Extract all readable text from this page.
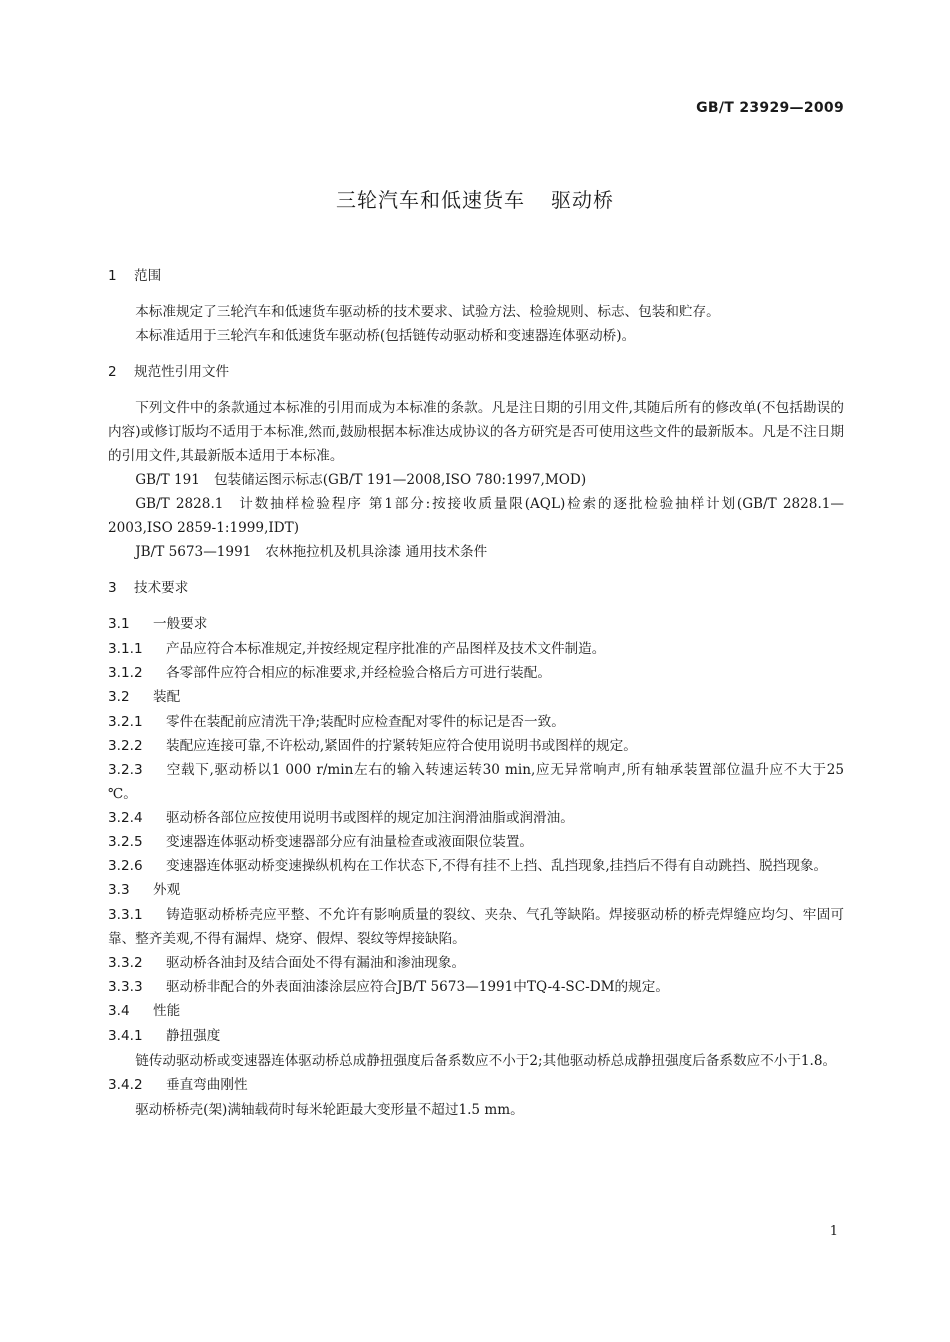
GB/T 23929—2009
三轮汽车和低速货车 驱动桥
1 范围
本标准规定了三轮汽车和低速货车驱动桥的技术要求、试验方法、检验规则、标志、包装和贮存。
本标准适用于三轮汽车和低速货车驱动桥(包括链传动驱动桥和变速器连体驱动桥)。
2 规范性引用文件
下列文件中的条款通过本标准的引用而成为本标准的条款。凡是注日期的引用文件,其随后所有的修改单(不包括勘误的内容)或修订版均不适用于本标准,然而,鼓励根据本标准达成协议的各方研究是否可使用这些文件的最新版本。凡是不注日期的引用文件,其最新版本适用于本标准。
GB/T 191 包装储运图示标志(GB/T 191—2008,ISO 780:1997,MOD)
GB/T 2828.1 计数抽样检验程序 第1部分:按接收质量限(AQL)检索的逐批检验抽样计划(GB/T 2828.1—2003,ISO 2859-1:1999,IDT)
JB/T 5673—1991 农林拖拉机及机具涂漆 通用技术条件
3 技术要求
3.1 一般要求
3.1.1 产品应符合本标准规定,并按经规定程序批准的产品图样及技术文件制造。
3.1.2 各零部件应符合相应的标准要求,并经检验合格后方可进行装配。
3.2 装配
3.2.1 零件在装配前应清洗干净;装配时应检查配对零件的标记是否一致。
3.2.2 装配应连接可靠,不许松动,紧固件的拧紧转矩应符合使用说明书或图样的规定。
3.2.3 空载下,驱动桥以1 000 r/min左右的输入转速运转30 min,应无异常响声,所有轴承装置部位温升应不大于25 ℃。
3.2.4 驱动桥各部位应按使用说明书或图样的规定加注润滑油脂或润滑油。
3.2.5 变速器连体驱动桥变速器部分应有油量检查或液面限位装置。
3.2.6 变速器连体驱动桥变速操纵机构在工作状态下,不得有挂不上挡、乱挡现象,挂挡后不得有自动跳挡、脱挡现象。
3.3 外观
3.3.1 铸造驱动桥桥壳应平整、不允许有影响质量的裂纹、夹杂、气孔等缺陷。焊接驱动桥的桥壳焊缝应均匀、牢固可靠、整齐美观,不得有漏焊、烧穿、假焊、裂纹等焊接缺陷。
3.3.2 驱动桥各油封及结合面处不得有漏油和渗油现象。
3.3.3 驱动桥非配合的外表面油漆涂层应符合JB/T 5673—1991中TQ-4-SC-DM的规定。
3.4 性能
3.4.1 静扭强度
链传动驱动桥或变速器连体驱动桥总成静扭强度后备系数应不小于2;其他驱动桥总成静扭强度后备系数应不小于1.8。
3.4.2 垂直弯曲刚性
驱动桥桥壳(架)满轴载荷时每米轮距最大变形量不超过1.5 mm。
1
